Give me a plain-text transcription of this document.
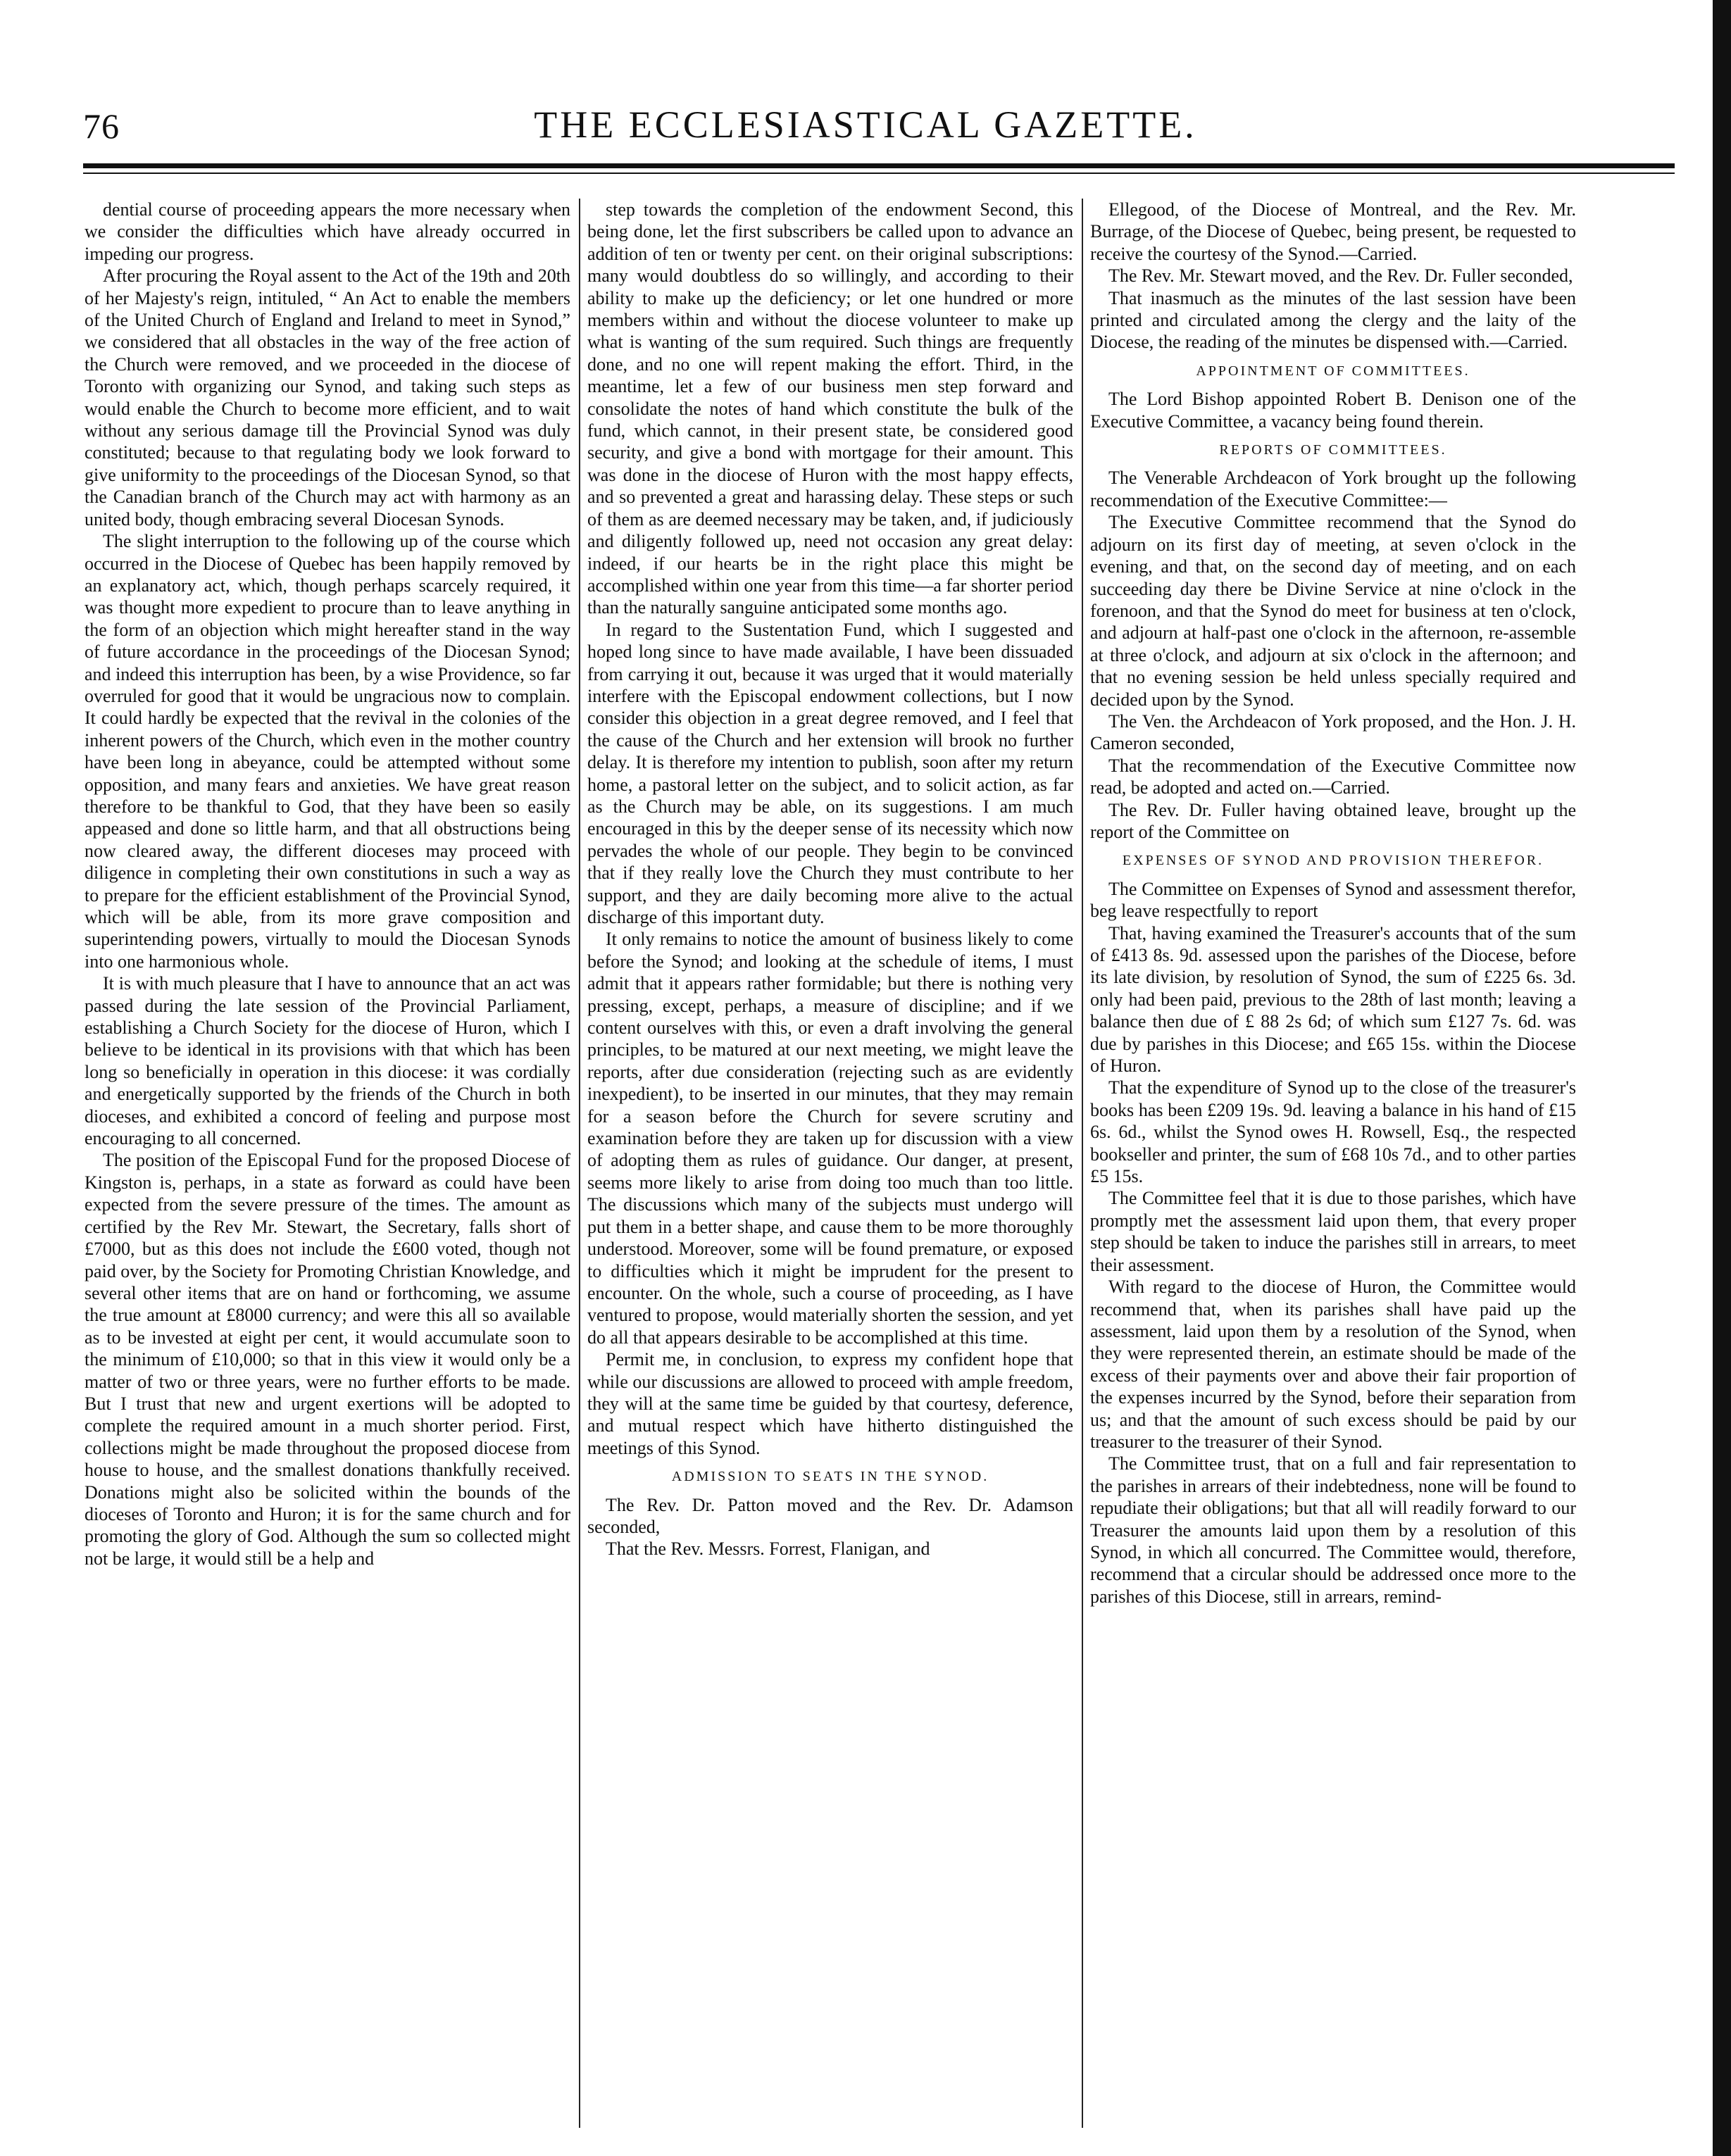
76	THE ECCLESIASTICAL GAZETTE.

dential course of proceeding appears the more necessary when we consider the difficulties which have already occurred in impeding our progress.

After procuring the Royal assent to the Act of the 19th and 20th of her Majesty's reign, intituled, “ An Act to enable the members of the United Church of England and Ireland to meet in Synod,” we considered that all obstacles in the way of the free action of the Church were removed, and we proceeded in the diocese of Toronto with organizing our Synod, and taking such steps as would enable the Church to become more efficient, and to wait without any serious damage till the Provincial Synod was duly constituted; because to that regulating body we look forward to give uniformity to the proceedings of the Diocesan Synod, so that the Canadian branch of the Church may act with harmony as an united body, though embracing several Diocesan Synods.

The slight interruption to the following up of the course which occurred in the Diocese of Quebec has been happily removed by an explanatory act, which, though perhaps scarcely required, it was thought more expedient to procure than to leave anything in the form of an objection which might hereafter stand in the way of future accordance in the proceedings of the Diocesan Synod; and indeed this interruption has been, by a wise Providence, so far overruled for good that it would be ungracious now to complain. It could hardly be expected that the revival in the colonies of the inherent powers of the Church, which even in the mother country have been long in abeyance, could be attempted without some opposition, and many fears and anxieties. We have great reason therefore to be thankful to God, that they have been so easily appeased and done so little harm, and that all obstructions being now cleared away, the different dioceses may proceed with diligence in completing their own constitutions in such a way as to prepare for the efficient establishment of the Provincial Synod, which will be able, from its more grave composition and superintending powers, virtually to mould the Diocesan Synods into one harmonious whole.

It is with much pleasure that I have to announce that an act was passed during the late session of the Provincial Parliament, establishing a Church Society for the diocese of Huron, which I believe to be identical in its provisions with that which has been long so beneficially in operation in this diocese: it was cordially and energetically supported by the friends of the Church in both dioceses, and exhibited a concord of feeling and purpose most encouraging to all concerned.

The position of the Episcopal Fund for the proposed Diocese of Kingston is, perhaps, in a state as forward as could have been expected from the severe pressure of the times. The amount as certified by the Rev Mr. Stewart, the Secretary, falls short of £7000, but as this does not include the £600 voted, though not paid over, by the Society for Promoting Christian Knowledge, and several other items that are on hand or forthcoming, we assume the true amount at £8000 currency; and were this all so available as to be invested at eight per cent, it would accumulate soon to the minimum of £10,000; so that in this view it would only be a matter of two or three years, were no further efforts to be made. But I trust that new and urgent exertions will be adopted to complete the required amount in a much shorter period. First, collections might be made throughout the proposed diocese from house to house, and the smallest donations thankfully received. Donations might also be solicited within the bounds of the dioceses of Toronto and Huron; it is for the same church and for promoting the glory of God. Although the sum so collected might not be large, it would still be a help and

step towards the completion of the endowment Second, this being done, let the first subscribers be called upon to advance an addition of ten or twenty per cent. on their original subscriptions: many would doubtless do so willingly, and according to their ability to make up the deficiency; or let one hundred or more members within and without the diocese volunteer to make up what is wanting of the sum required. Such things are frequently done, and no one will repent making the effort. Third, in the meantime, let a few of our business men step forward and consolidate the notes of hand which constitute the bulk of the fund, which cannot, in their present state, be considered good security, and give a bond with mortgage for their amount. This was done in the diocese of Huron with the most happy effects, and so prevented a great and harassing delay. These steps or such of them as are deemed necessary may be taken, and, if judiciously and diligently followed up, need not occasion any great delay: indeed, if our hearts be in the right place this might be accomplished within one year from this time—a far shorter period than the naturally sanguine anticipated some months ago.

In regard to the Sustentation Fund, which I suggested and hoped long since to have made available, I have been dissuaded from carrying it out, because it was urged that it would materially interfere with the Episcopal endowment collections, but I now consider this objection in a great degree removed, and I feel that the cause of the Church and her extension will brook no further delay. It is therefore my intention to publish, soon after my return home, a pastoral letter on the subject, and to solicit action, as far as the Church may be able, on its suggestions. I am much encouraged in this by the deeper sense of its necessity which now pervades the whole of our people. They begin to be convinced that if they really love the Church they must contribute to her support, and they are daily becoming more alive to the actual discharge of this important duty.

It only remains to notice the amount of business likely to come before the Synod; and looking at the schedule of items, I must admit that it appears rather formidable; but there is nothing very pressing, except, perhaps, a measure of discipline; and if we content ourselves with this, or even a draft involving the general principles, to be matured at our next meeting, we might leave the reports, after due consideration (rejecting such as are evidently inexpedient), to be inserted in our minutes, that they may remain for a season before the Church for severe scrutiny and examination before they are taken up for discussion with a view of adopting them as rules of guidance. Our danger, at present, seems more likely to arise from doing too much than too little. The discussions which many of the subjects must undergo will put them in a better shape, and cause them to be more thoroughly understood. Moreover, some will be found premature, or exposed to difficulties which it might be imprudent for the present to encounter. On the whole, such a course of proceeding, as I have ventured to propose, would materially shorten the session, and yet do all that appears desirable to be accomplished at this time.

Permit me, in conclusion, to express my confident hope that while our discussions are allowed to proceed with ample freedom, they will at the same time be guided by that courtesy, deference, and mutual respect which have hitherto distinguished the meetings of this Synod.

ADMISSION TO SEATS IN THE SYNOD.

The Rev. Dr. Patton moved and the Rev. Dr. Adamson seconded,

That the Rev. Messrs. Forrest, Flanigan, and

Ellegood, of the Diocese of Montreal, and the Rev. Mr. Burrage, of the Diocese of Quebec, being present, be requested to receive the courtesy of the Synod.—Carried.

The Rev. Mr. Stewart moved, and the Rev. Dr. Fuller seconded,

That inasmuch as the minutes of the last session have been printed and circulated among the clergy and the laity of the Diocese, the reading of the minutes be dispensed with.—Carried.

APPOINTMENT OF COMMITTEES.

The Lord Bishop appointed Robert B. Denison one of the Executive Committee, a vacancy being found therein.

REPORTS OF COMMITTEES.

The Venerable Archdeacon of York brought up the following recommendation of the Executive Committee:—

The Executive Committee recommend that the Synod do adjourn on its first day of meeting, at seven o'clock in the evening, and that, on the second day of meeting, and on each succeeding day there be Divine Service at nine o'clock in the forenoon, and that the Synod do meet for business at ten o'clock, and adjourn at half-past one o'clock in the afternoon, re-assemble at three o'clock, and adjourn at six o'clock in the afternoon; and that no evening session be held unless specially required and decided upon by the Synod.

The Ven. the Archdeacon of York proposed, and the Hon. J. H. Cameron seconded,

That the recommendation of the Executive Committee now read, be adopted and acted on.—Carried.

The Rev. Dr. Fuller having obtained leave, brought up the report of the Committee on

EXPENSES OF SYNOD AND PROVISION THEREFOR.

The Committee on Expenses of Synod and assessment therefor, beg leave respectfully to report

That, having examined the Treasurer's accounts that of the sum of £413 8s. 9d. assessed upon the parishes of the Diocese, before its late division, by resolution of Synod, the sum of £225 6s. 3d. only had been paid, previous to the 28th of last month; leaving a balance then due of £ 88 2s 6d; of which sum £127 7s. 6d. was due by parishes in this Diocese; and £65 15s. within the Diocese of Huron.

That the expenditure of Synod up to the close of the treasurer's books has been £209 19s. 9d. leaving a balance in his hand of £15 6s. 6d., whilst the Synod owes H. Rowsell, Esq., the respected bookseller and printer, the sum of £68 10s 7d., and to other parties £5 15s.

The Committee feel that it is due to those parishes, which have promptly met the assessment laid upon them, that every proper step should be taken to induce the parishes still in arrears, to meet their assessment.

With regard to the diocese of Huron, the Committee would recommend that, when its parishes shall have paid up the assessment, laid upon them by a resolution of the Synod, when they were represented therein, an estimate should be made of the excess of their payments over and above their fair proportion of the expenses incurred by the Synod, before their separation from us; and that the amount of such excess should be paid by our treasurer to the treasurer of their Synod.

The Committee trust, that on a full and fair representation to the parishes in arrears of their indebtedness, none will be found to repudiate their obligations; but that all will readily forward to our Treasurer the amounts laid upon them by a resolution of this Synod, in which all concurred. The Committee would, therefore, recommend that a circular should be addressed once more to the parishes of this Diocese, still in arrears, remind-
